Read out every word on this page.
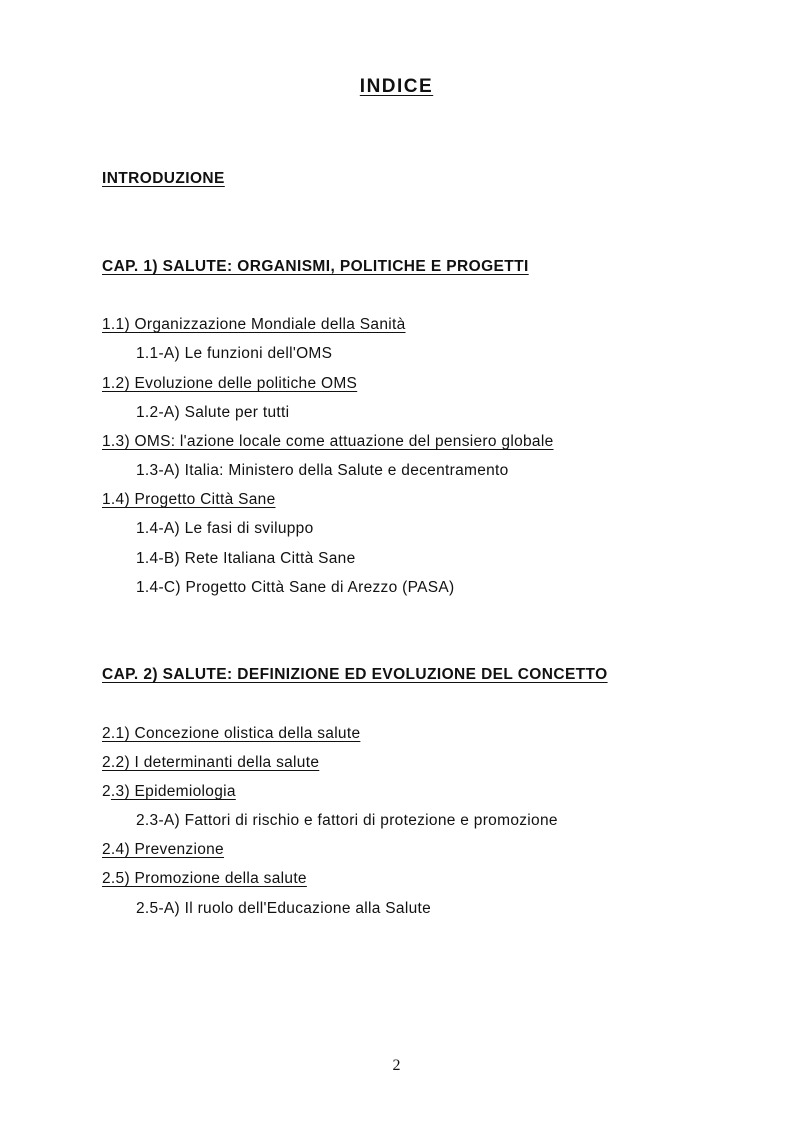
INDICE
INTRODUZIONE
CAP. 1) SALUTE: ORGANISMI, POLITICHE E PROGETTI
1.1) Organizzazione Mondiale della Sanità
1.1-A) Le funzioni dell'OMS
1.2) Evoluzione delle politiche OMS
1.2-A) Salute per tutti
1.3) OMS: l'azione locale come attuazione del pensiero globale
1.3-A) Italia: Ministero della Salute e decentramento
1.4) Progetto Città Sane
1.4-A) Le fasi di sviluppo
1.4-B) Rete Italiana Città Sane
1.4-C) Progetto Città Sane di Arezzo (PASA)
CAP. 2) SALUTE: DEFINIZIONE ED EVOLUZIONE DEL CONCETTO
2.1) Concezione olistica della salute
2.2) I determinanti della salute
2.3) Epidemiologia
2.3-A) Fattori di rischio e fattori di protezione e promozione
2.4) Prevenzione
2.5) Promozione della salute
2.5-A) Il ruolo dell'Educazione alla Salute
2
